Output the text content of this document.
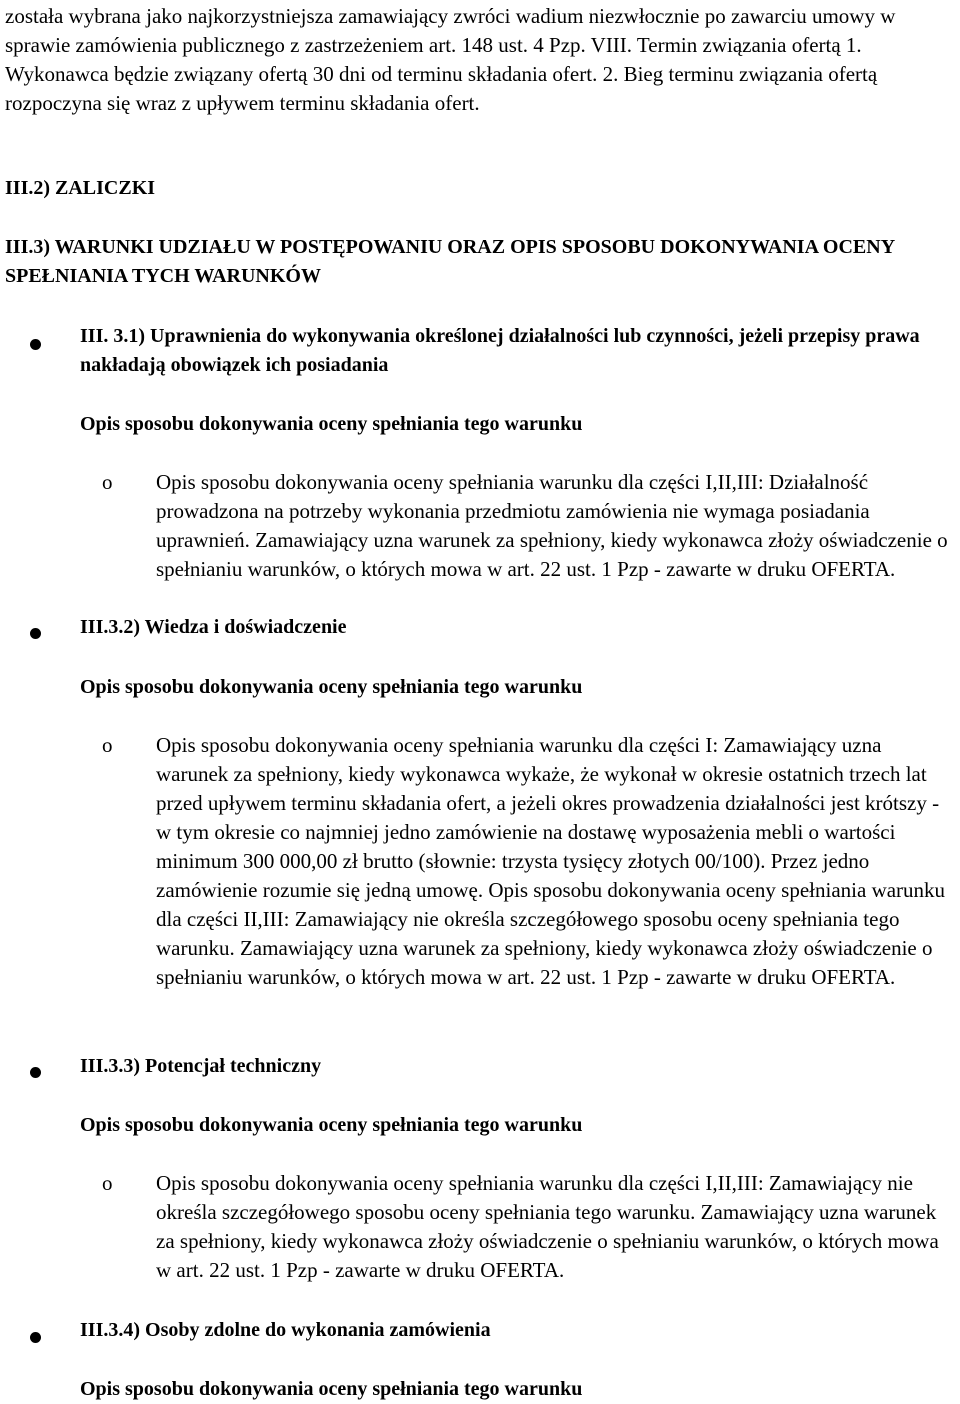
została wybrana jako najkorzystniejsza zamawiający zwróci wadium niezwłocznie po zawarciu umowy w sprawie zamówienia publicznego z zastrzeżeniem art. 148 ust. 4 Pzp. VIII. Termin związania ofertą 1. Wykonawca będzie związany ofertą 30 dni od terminu składania ofert. 2. Bieg terminu związania ofertą rozpoczyna się wraz z upływem terminu składania ofert.

III.2) ZALICZKI

III.3) WARUNKI UDZIAŁU W POSTĘPOWANIU ORAZ OPIS SPOSOBU DOKONYWANIA OCENY SPEŁNIANIA TYCH WARUNKÓW

III. 3.1) Uprawnienia do wykonywania określonej działalności lub czynności, jeżeli przepisy prawa nakładają obowiązek ich posiadania

Opis sposobu dokonywania oceny spełniania tego warunku

o Opis sposobu dokonywania oceny spełniania warunku dla części I,II,III: Działalność prowadzona na potrzeby wykonania przedmiotu zamówienia nie wymaga posiadania uprawnień. Zamawiający uzna warunek za spełniony, kiedy wykonawca złoży oświadczenie o spełnianiu warunków, o których mowa w art. 22 ust. 1 Pzp - zawarte w druku OFERTA.

III.3.2) Wiedza i doświadczenie

Opis sposobu dokonywania oceny spełniania tego warunku

o Opis sposobu dokonywania oceny spełniania warunku dla części I: Zamawiający uzna warunek za spełniony, kiedy wykonawca wykaże, że wykonał w okresie ostatnich trzech lat przed upływem terminu składania ofert, a jeżeli okres prowadzenia działalności jest krótszy - w tym okresie co najmniej jedno zamówienie na dostawę wyposażenia mebli o wartości minimum 300 000,00 zł brutto (słownie: trzysta tysięcy złotych 00/100). Przez jedno zamówienie rozumie się jedną umowę. Opis sposobu dokonywania oceny spełniania warunku dla części II,III: Zamawiający nie określa szczegółowego sposobu oceny spełniania tego warunku. Zamawiający uzna warunek za spełniony, kiedy wykonawca złoży oświadczenie o spełnianiu warunków, o których mowa w art. 22 ust. 1 Pzp - zawarte w druku OFERTA.

III.3.3) Potencjał techniczny

Opis sposobu dokonywania oceny spełniania tego warunku

o Opis sposobu dokonywania oceny spełniania warunku dla części I,II,III: Zamawiający nie określa szczegółowego sposobu oceny spełniania tego warunku. Zamawiający uzna warunek za spełniony, kiedy wykonawca złoży oświadczenie o spełnianiu warunków, o których mowa w art. 22 ust. 1 Pzp - zawarte w druku OFERTA.

III.3.4) Osoby zdolne do wykonania zamówienia

Opis sposobu dokonywania oceny spełniania tego warunku
